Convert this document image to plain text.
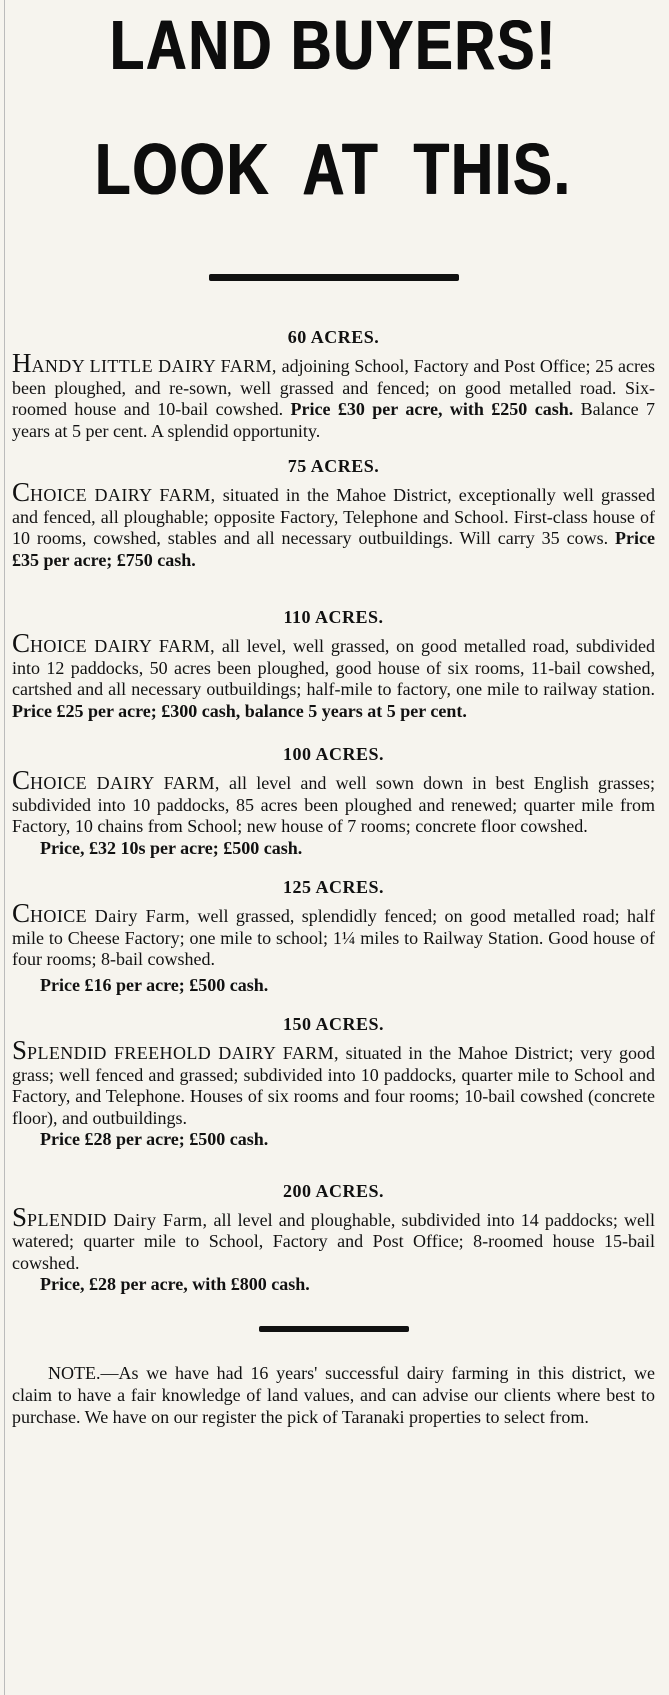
LAND BUYERS!
LOOK AT THIS.

60 ACRES.

HANDY LITTLE DAIRY FARM, adjoining School, Factory and Post Office; 25 acres been ploughed, and re-sown, well grassed and fenced; on good metalled road. Six-roomed house and 10-bail cowshed. Price £30 per acre, with £250 cash. Balance 7 years at 5 per cent. A splendid opportunity.

75 ACRES.

CHOICE DAIRY FARM, situated in the Mahoe District, exceptionally well grassed and fenced, all ploughable; opposite Factory, Telephone and School. First-class house of 10 rooms, cowshed, stables and all necessary outbuildings. Will carry 35 cows. Price £35 per acre; £750 cash.

110 ACRES.

CHOICE DAIRY FARM, all level, well grassed, on good metalled road, subdivided into 12 paddocks, 50 acres been ploughed, good house of six rooms, 11-bail cowshed, cartshed and all necessary outbuildings; half-mile to factory, one mile to railway station. Price £25 per acre; £300 cash, balance 5 years at 5 per cent.

100 ACRES.

CHOICE DAIRY FARM, all level and well sown down in best English grasses; subdivided into 10 paddocks, 85 acres been ploughed and renewed; quarter mile from Factory, 10 chains from School; new house of 7 rooms; concrete floor cowshed.

Price, £32 10s per acre; £500 cash.

125 ACRES.

CHOICE Dairy Farm, well grassed, splendidly fenced; on good metalled road; half mile to Cheese Factory; one mile to school; 1¼ miles to Railway Station. Good house of four rooms; 8-bail cowshed.

Price £16 per acre; £500 cash.

150 ACRES.

SPLENDID FREEHOLD DAIRY FARM, situated in the Mahoe District; very good grass; well fenced and grassed; subdivided into 10 paddocks, quarter mile to School and Factory, and Telephone. Houses of six rooms and four rooms; 10-bail cowshed (concrete floor), and outbuildings.

Price £28 per acre; £500 cash.

200 ACRES.

SPLENDID Dairy Farm, all level and ploughable, subdivided into 14 paddocks; well watered; quarter mile to School, Factory and Post Office; 8-roomed house 15-bail cowshed.

Price, £28 per acre, with £800 cash.

NOTE.—As we have had 16 years' successful dairy farming in this district, we claim to have a fair knowledge of land values, and can advise our clients where best to purchase. We have on our register the pick of Taranaki properties to select from.
